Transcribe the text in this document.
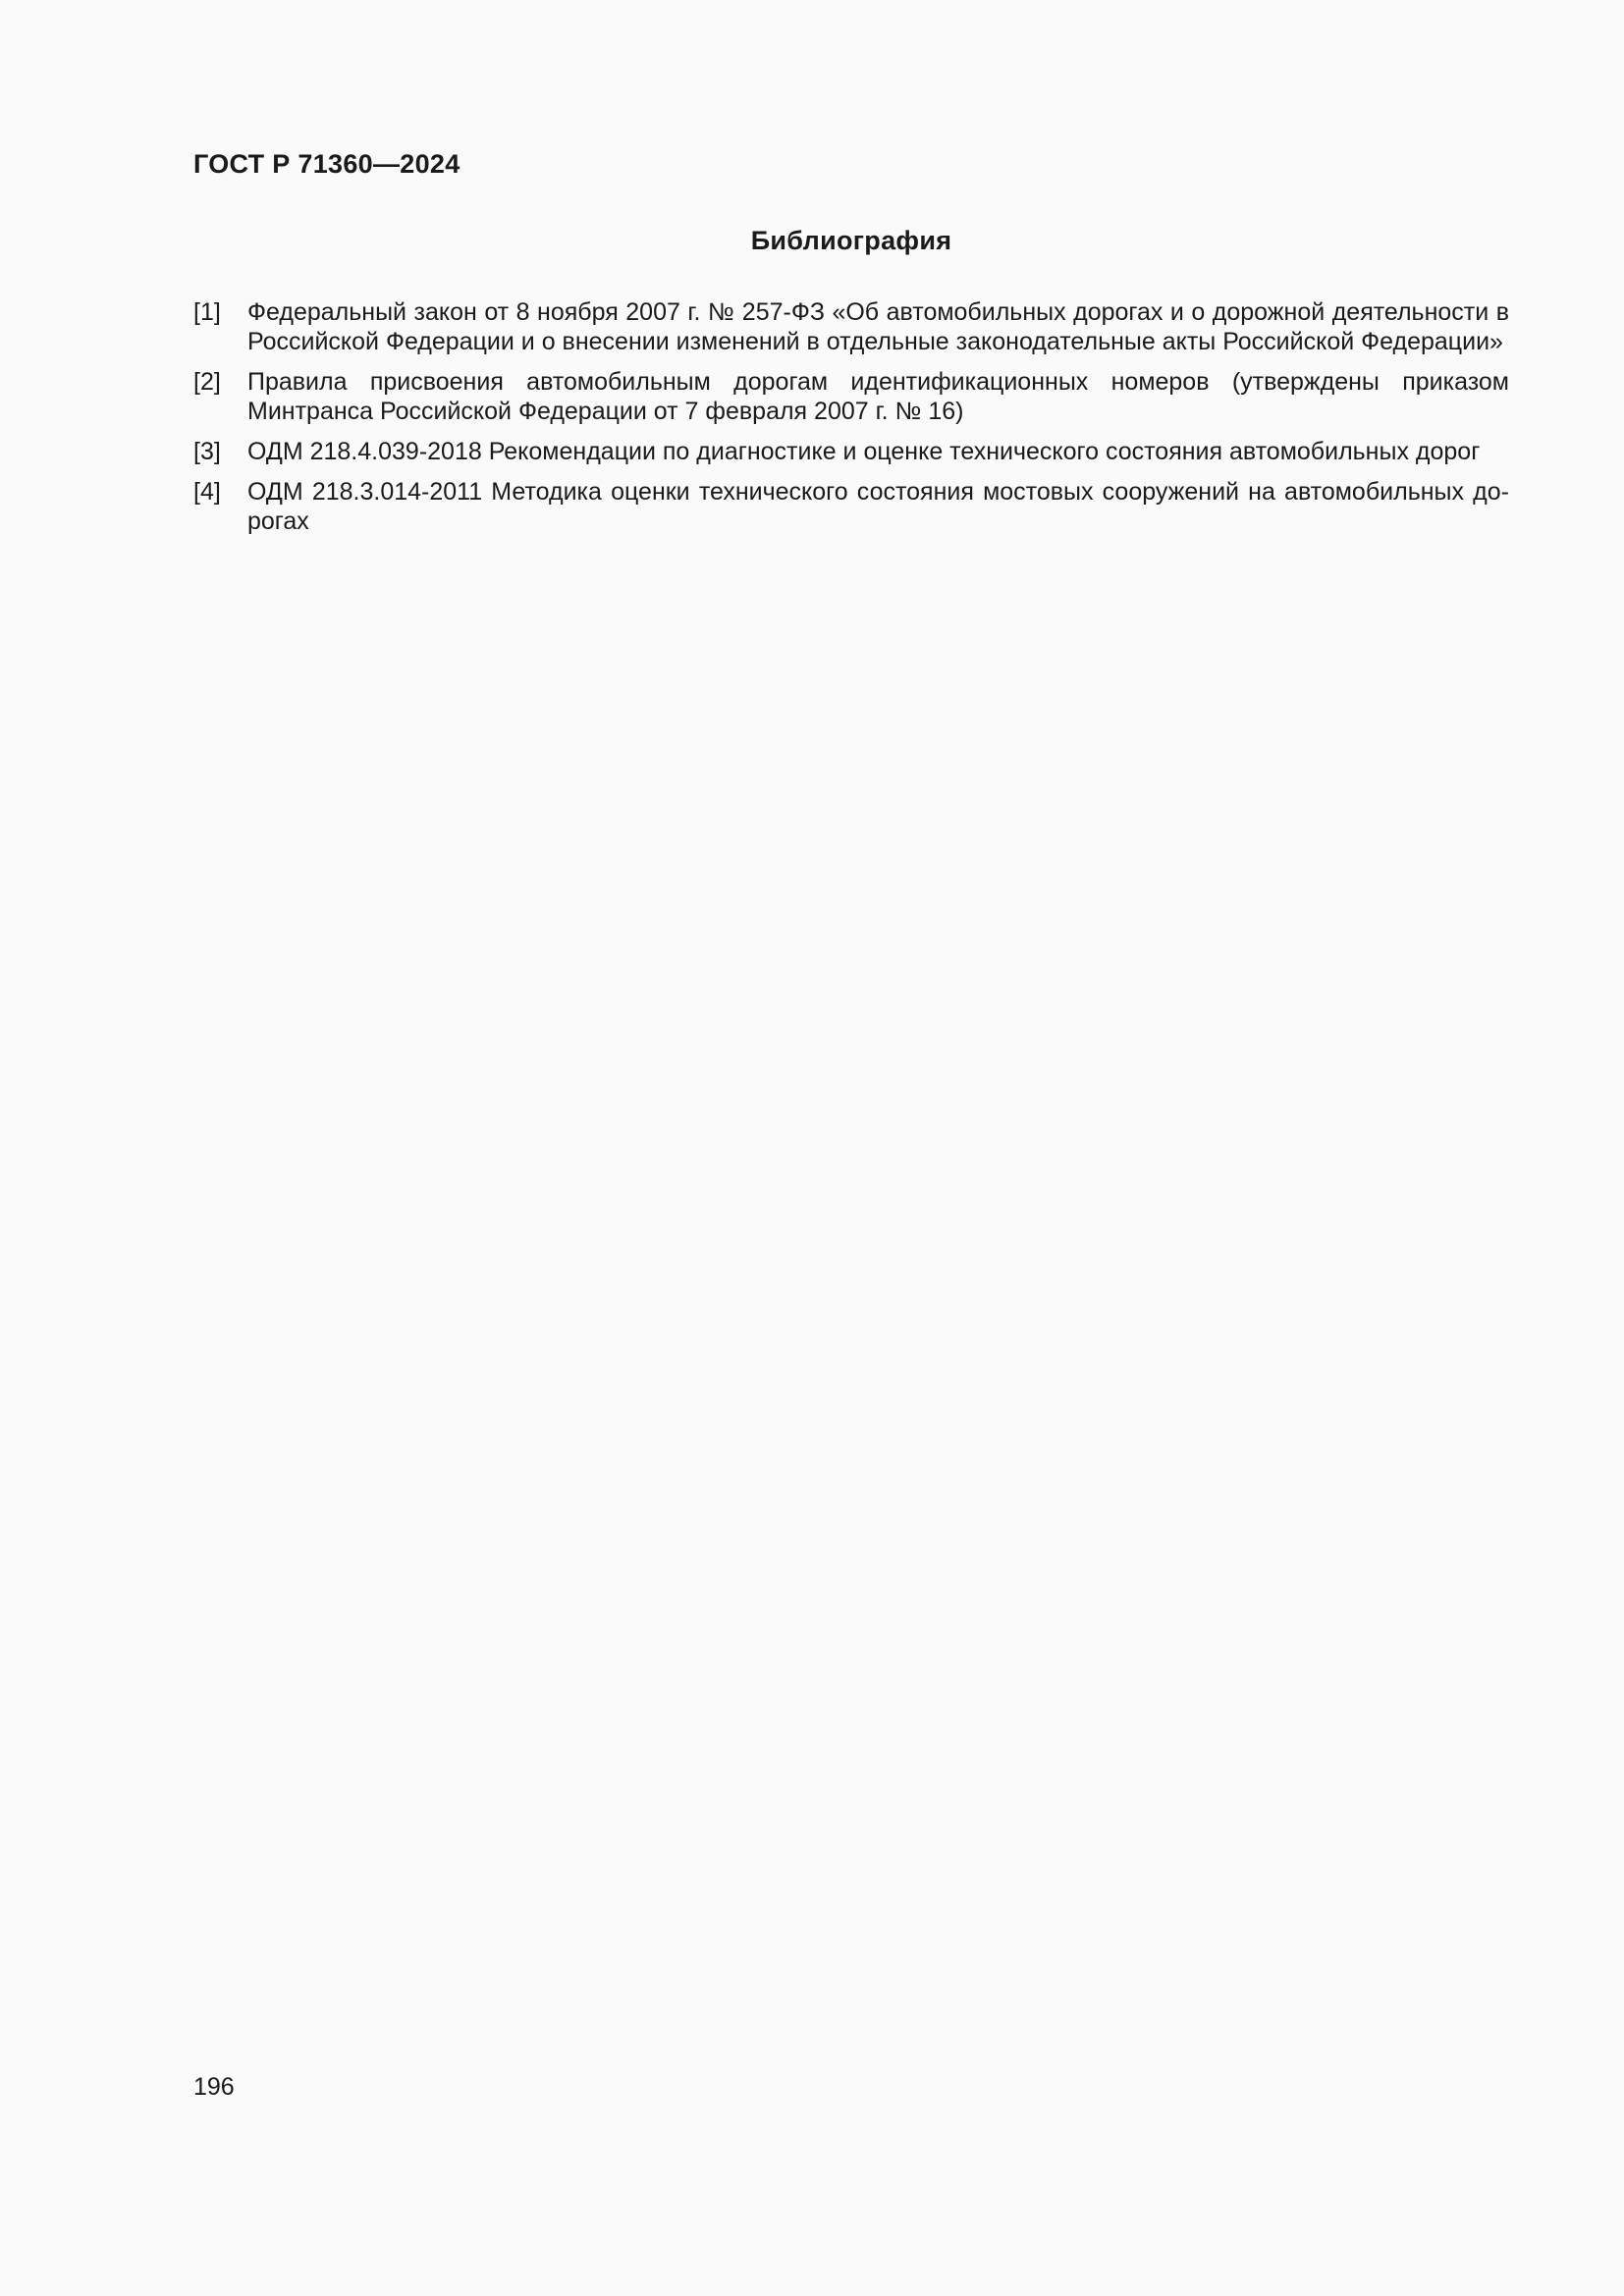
ГОСТ Р 71360—2024
Библиография
[1]	Федеральный закон от 8 ноября 2007 г. № 257-ФЗ «Об автомобильных дорогах и о дорожной деятельности в Российской Федерации и о внесении изменений в отдельные законодательные акты Российской Федерации»
[2]	Правила присвоения автомобильным дорогам идентификационных номеров (утверждены приказом Минтранса Российской Федерации от 7 февраля 2007 г. № 16)
[3]	ОДМ 218.4.039-2018 Рекомендации по диагностике и оценке технического состояния автомобильных дорог
[4]	ОДМ 218.3.014-2011 Методика оценки технического состояния мостовых сооружений на автомобильных дорогах
196
